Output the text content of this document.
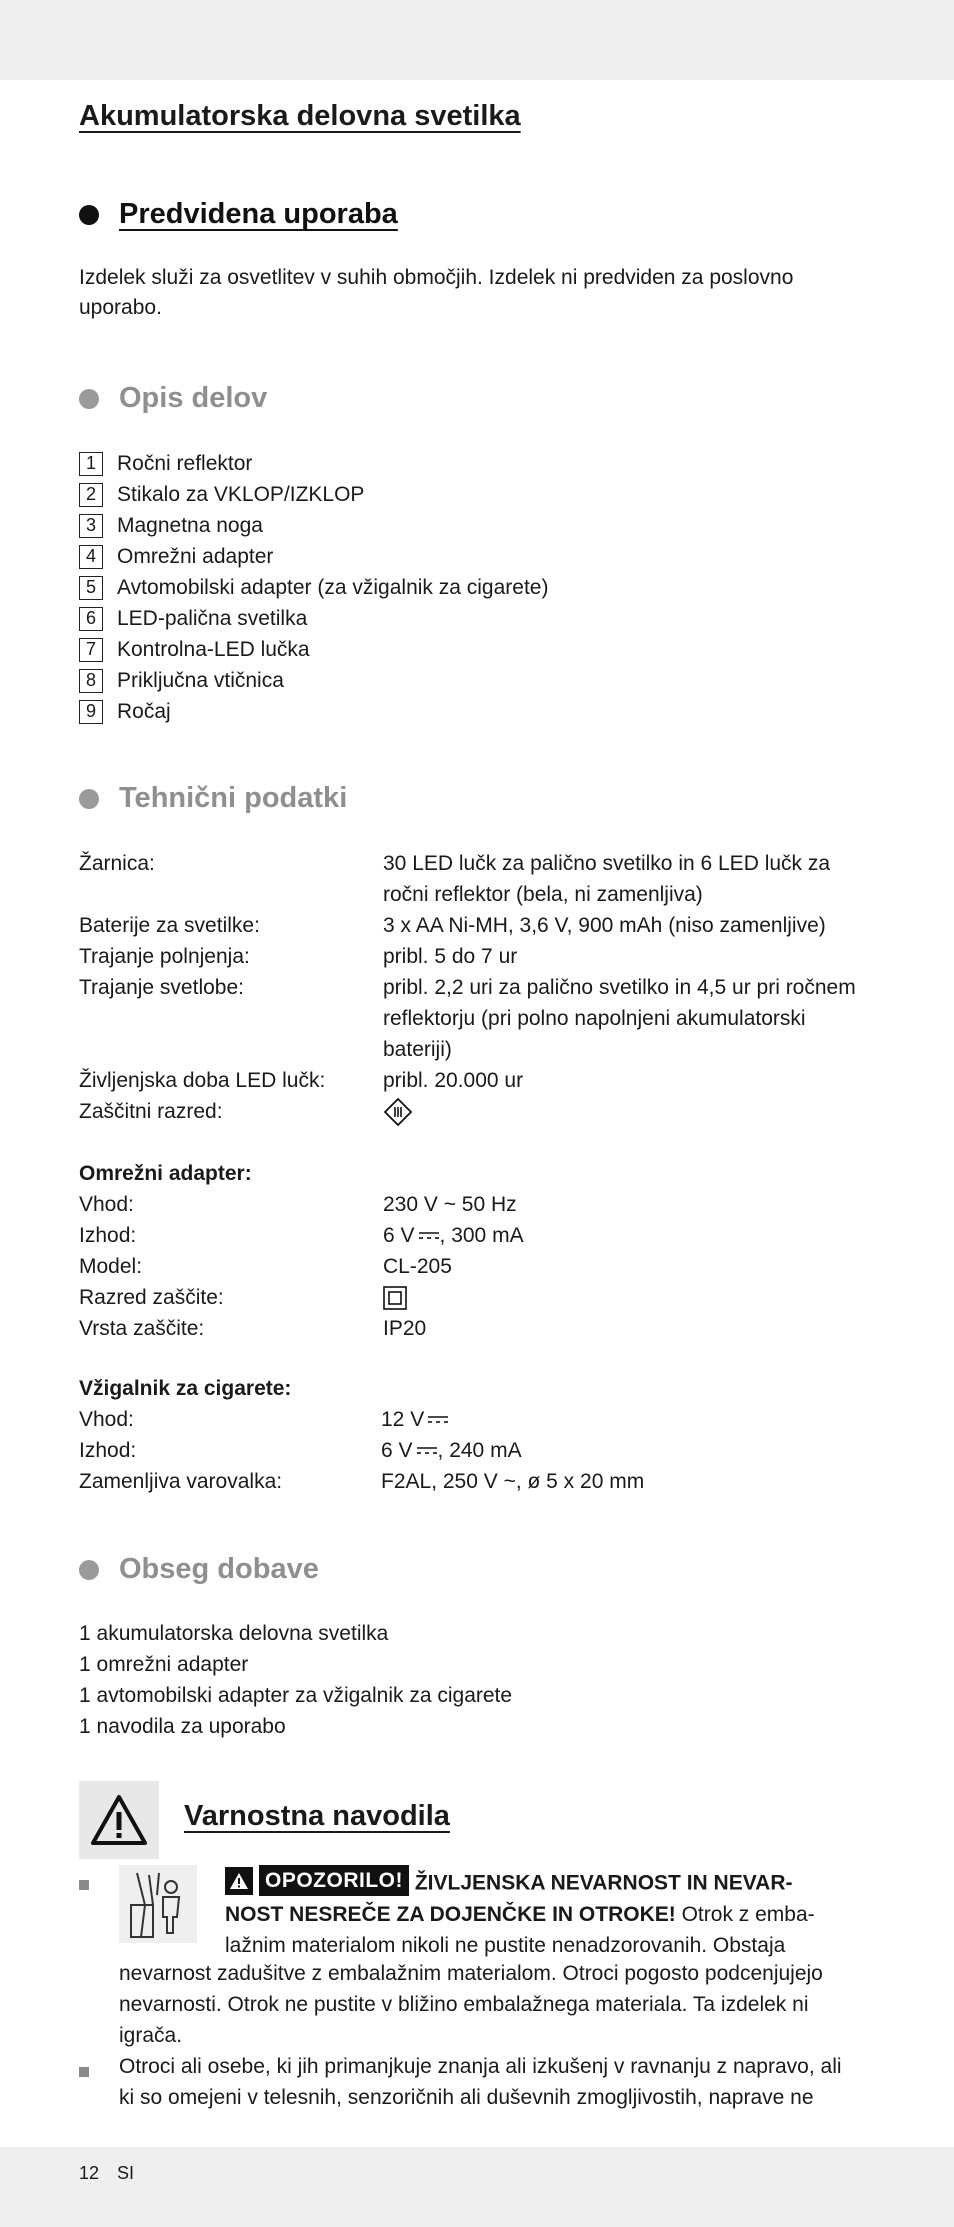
Akumulatorska delovna svetilka
Predvidena uporaba

Izdelek služi za osvetlitev v suhih območjih. Izdelek ni predviden za poslovno
uporabo.

Opis delov
1	Ročni reflektor
2	Stikalo za VKLOP/IZKLOP
3	Magnetna noga
4	Omrežni adapter
5	Avtomobilski adapter (za vžigalnik za cigarete)
6	LED-palična svetilka
7	Kontrolna-LED lučka
8	Priključna vtičnica
9	Ročaj
Tehnični podatki
Žarnica:	30 LED lučk za palično svetilko in 6 LED lučk za
ročni reflektor (bela, ni zamenljiva)
Baterije za svetilke:	3 x AA Ni-MH, 3,6 V, 900 mAh (niso zamenljive)
Trajanje polnjenja:	pribl. 5 do 7 ur
Trajanje svetlobe:	pribl. 2,2 uri za palično svetilko in 4,5 ur pri ročnem
reflektorju (pri polno napolnjeni akumulatorski
bateriji)
Življenjska doba LED lučk:	pribl. 20.000 ur
Zaščitni razred:
Omrežni adapter:
Vhod:	230 V ~ 50 Hz
Izhod:	6 V , 300 mA
Model:	CL-205
Razred zaščite:
Vrsta zaščite:	IP20
Vžigalnik za cigarete:
Vhod:	12 V
Izhod:	6 V , 240 mA
Zamenljiva varovalka:	F2AL, 250 V ~, ø 5 x 20 mm
Obseg dobave
1 akumulatorska delovna svetilka
1 omrežni adapter
1 avtomobilski adapter za vžigalnik za cigarete
1 navodila za uporabo
Varnostna navodila
OPOZORILO! ŽIVLJENSKA NEVARNOST IN NEVAR-
NOST NESREČE ZA DOJENČKE IN OTROKE! Otrok z emba-
lažnim materialom nikoli ne pustite nenadzorovanih. Obstaja
nevarnost zadušitve z embalažnim materialom. Otroci pogosto podcenjujejo
nevarnosti. Otrok ne pustite v bližino embalažnega materiala. Ta izdelek ni
igrača.
Otroci ali osebe, ki jih primanjkuje znanja ali izkušenj v ravnanju z napravo, ali
ki so omejeni v telesnih, senzoričnih ali duševnih zmogljivostih, naprave ne
12 SI
